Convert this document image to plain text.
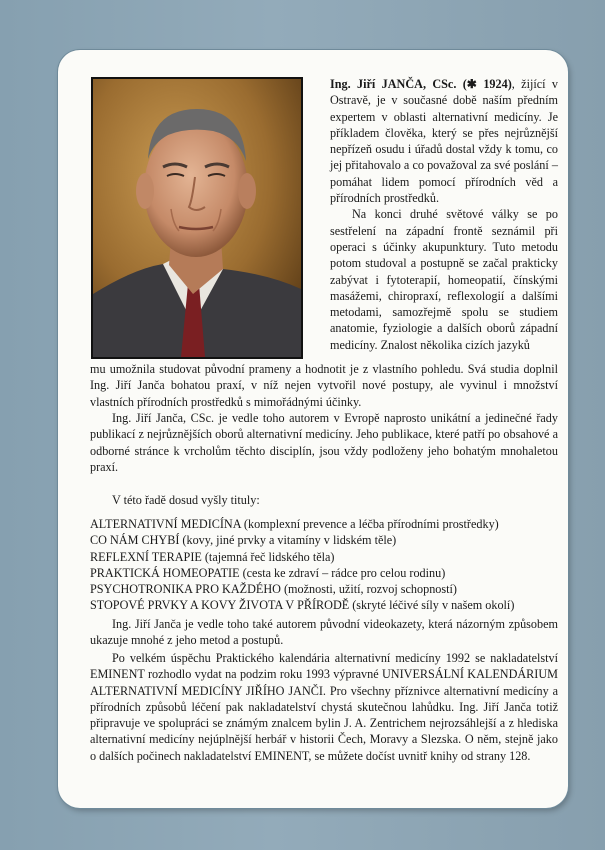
Ing. Jiří JANČA, CSc. (✱ 1924), žijící v Ostravě, je v současné době naším předním expertem v oblasti alternativní medicíny. Je příkladem člověka, který se přes nejrůznější nepřízeň osudu i úřadů dostal vždy k tomu, co jej přitahovalo a co považoval za své poslání – pomáhat lidem pomocí přírodních věd a přírodních prostředků.
Na konci druhé světové války se po sestřelení na západní frontě seznámil při operaci s účinky akupunktury. Tuto metodu potom studoval a postupně se začal prakticky zabývat i fytoterapií, homeopatií, čínskými masážemi, chiropraxí, reflexologií a dalšími metodami, samozřejmě spolu se studiem anatomie, fyziologie a dalších oborů západní medicíny. Znalost několika cizích jazyků
mu umožnila studovat původní prameny a hodnotit je z vlastního pohledu. Svá studia doplnil Ing. Jiří Janča bohatou praxí, v níž nejen vytvořil nové postupy, ale vyvinul i množství vlastních přírodních prostředků s mimořádnými účinky.
Ing. Jiří Janča, CSc. je vedle toho autorem v Evropě naprosto unikátní a jedinečné řady publikací z nejrůznějších oborů alternativní medicíny. Jeho publikace, které patří po obsahové a odborné stránce k vrcholům těchto disciplín, jsou vždy podloženy jeho bohatým mnohaletou praxí.
V této řadě dosud vyšly tituly:
ALTERNATIVNÍ MEDICÍNA (komplexní prevence a léčba přírodními prostředky)
CO NÁM CHYBÍ (kovy, jiné prvky a vitamíny v lidském těle)
REFLEXNÍ TERAPIE (tajemná řeč lidského těla)
PRAKTICKÁ HOMEOPATIE (cesta ke zdraví – rádce pro celou rodinu)
PSYCHOTRONIKA PRO KAŽDÉHO (možnosti, užití, rozvoj schopností)
STOPOVÉ PRVKY A KOVY ŽIVOTA V PŘÍRODĚ (skryté léčivé síly v našem okolí)
Ing. Jiří Janča je vedle toho také autorem původní videokazety, která názorným způsobem ukazuje mnohé z jeho metod a postupů.
Po velkém úspěchu Praktického kalendária alternativní medicíny 1992 se nakladatelství EMINENT rozhodlo vydat na podzim roku 1993 výpravné UNIVERSÁLNÍ KALENDÁRIUM ALTERNATIVNÍ MEDICÍNY JIŘÍHO JANČI. Pro všechny příznivce alternativní medicíny a přírodních způsobů léčení pak nakladatelství chystá skutečnou lahůdku. Ing. Jiří Janča totiž připravuje ve spolupráci se známým znalcem bylin J. A. Zentrichem nejrozsáhlejší a z hlediska alternativní medicíny nejúplnější herbář v historii Čech, Moravy a Slezska. O něm, stejně jako o dalších počinech nakladatelství EMINENT, se můžete dočíst uvnitř knihy od strany 128.
